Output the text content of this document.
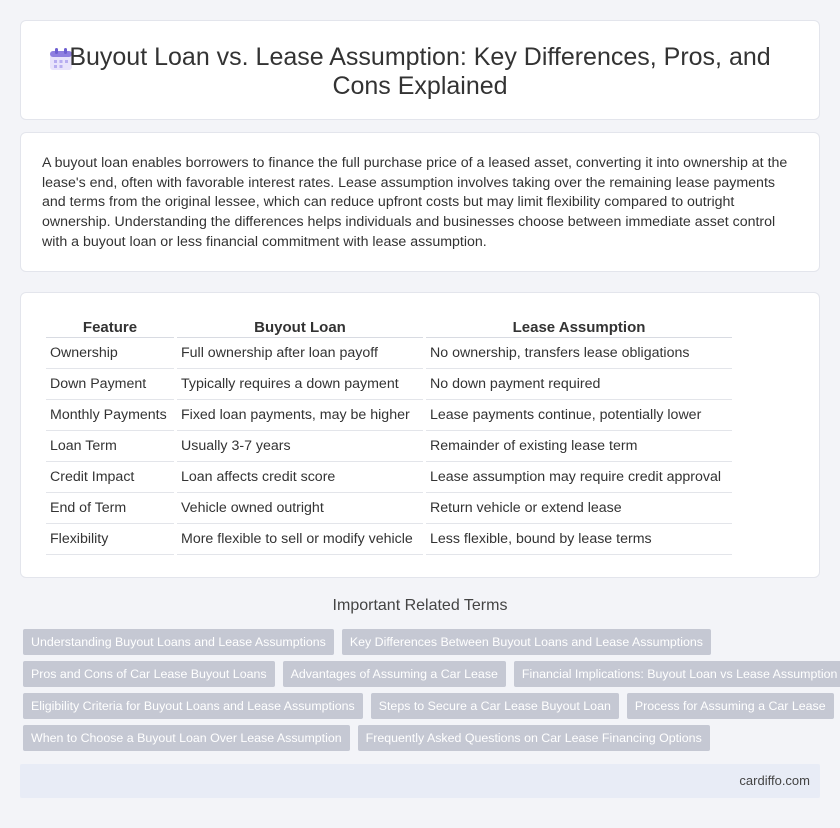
Buyout Loan vs. Lease Assumption: Key Differences, Pros, and Cons Explained

A buyout loan enables borrowers to finance the full purchase price of a leased asset, converting it into ownership at the lease's end, often with favorable interest rates. Lease assumption involves taking over the remaining lease payments and terms from the original lessee, which can reduce upfront costs but may limit flexibility compared to outright ownership. Understanding the differences helps individuals and businesses choose between immediate asset control with a buyout loan or less financial commitment with lease assumption.

Feature	Buyout Loan	Lease Assumption
Ownership	Full ownership after loan payoff	No ownership, transfers lease obligations
Down Payment	Typically requires a down payment	No down payment required
Monthly Payments	Fixed loan payments, may be higher	Lease payments continue, potentially lower
Loan Term	Usually 3-7 years	Remainder of existing lease term
Credit Impact	Loan affects credit score	Lease assumption may require credit approval
End of Term	Vehicle owned outright	Return vehicle or extend lease
Flexibility	More flexible to sell or modify vehicle	Less flexible, bound by lease terms
Important Related Terms
Understanding Buyout Loans and Lease Assumptions	Key Differences Between Buyout Loans and Lease Assumptions
Pros and Cons of Car Lease Buyout Loans	Advantages of Assuming a Car Lease	Financial Implications: Buyout Loan vs Lease Assumption
Eligibility Criteria for Buyout Loans and Lease Assumptions	Steps to Secure a Car Lease Buyout Loan	Process for Assuming a Car Lease
When to Choose a Buyout Loan Over Lease Assumption	Frequently Asked Questions on Car Lease Financing Options
cardiffo.com
